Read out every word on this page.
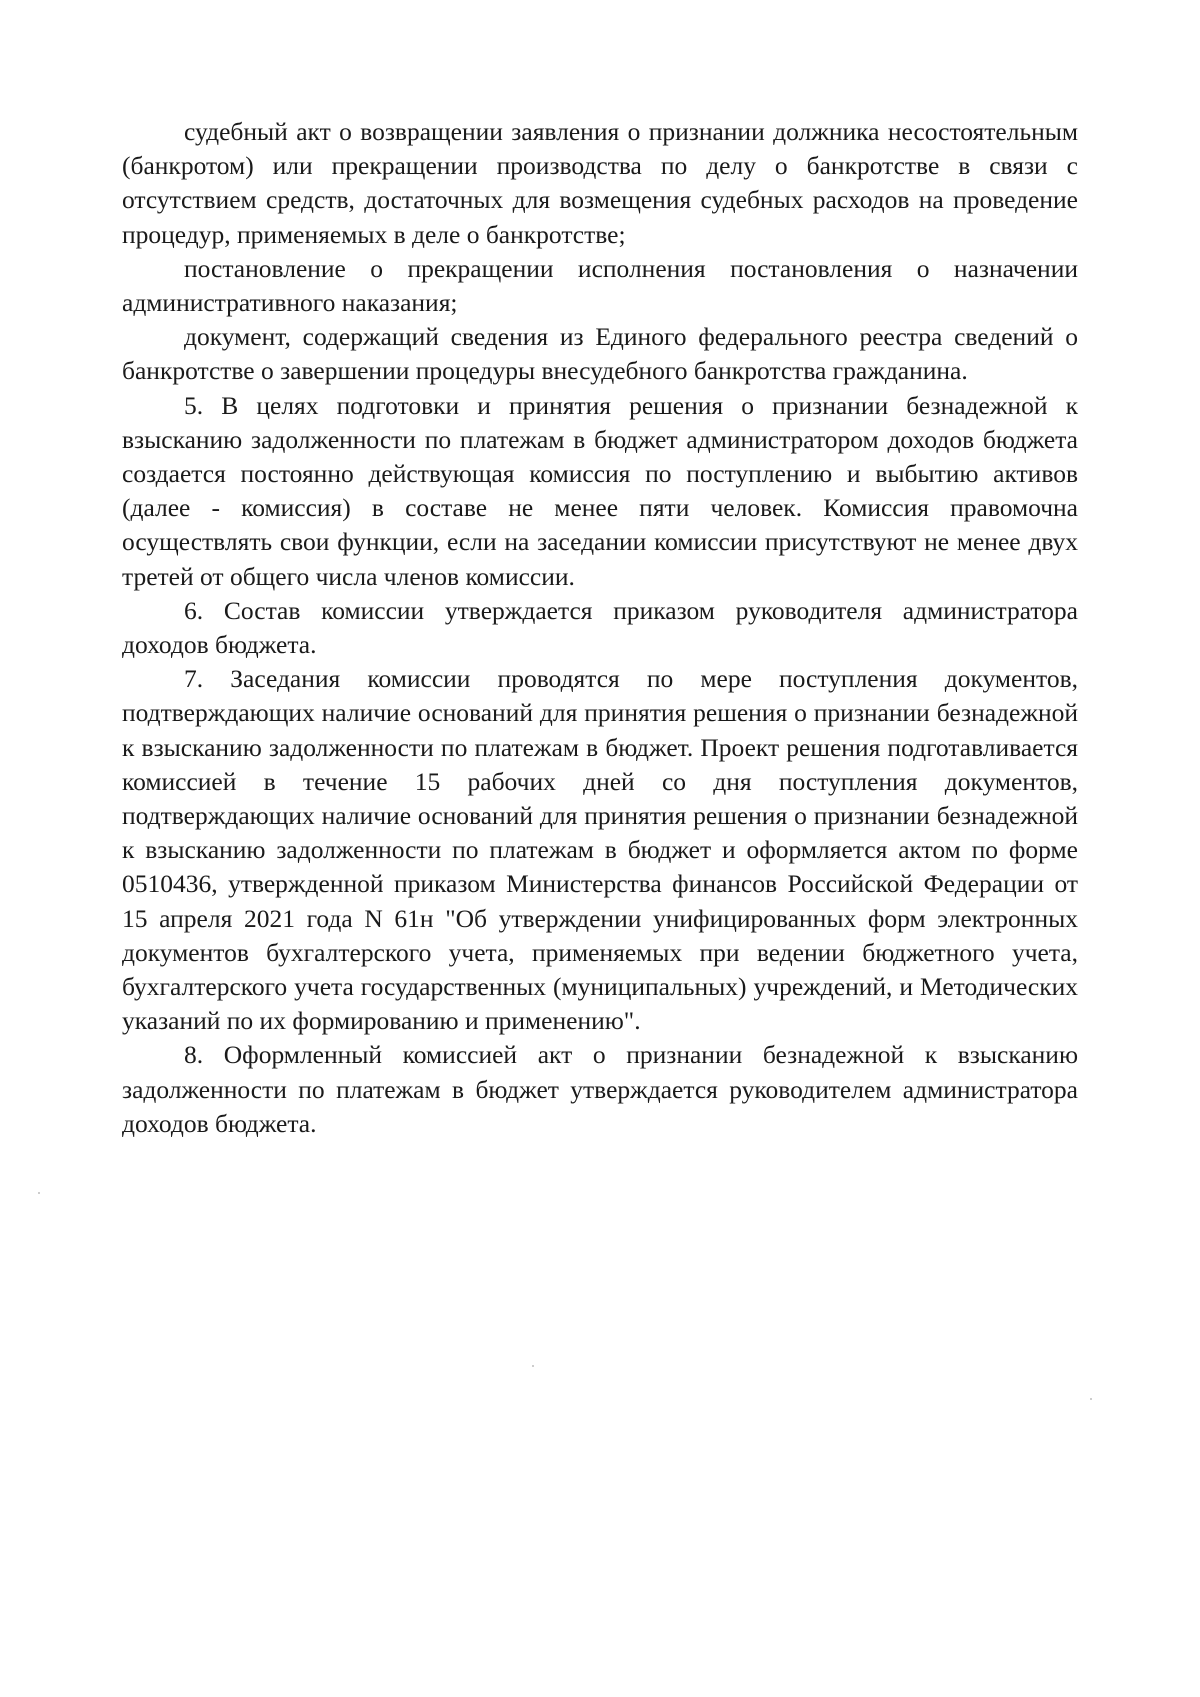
судебный акт о возвращении заявления о признании должника несостоятельным (банкротом) или прекращении производства по делу о банкротстве в связи с отсутствием средств, достаточных для возмещения судебных расходов на проведение процедур, применяемых в деле о банкротстве;

постановление о прекращении исполнения постановления о назначении административного наказания;

документ, содержащий сведения из Единого федерального реестра сведений о банкротстве о завершении процедуры внесудебного банкротства гражданина.

5. В целях подготовки и принятия решения о признании безнадежной к взысканию задолженности по платежам в бюджет администратором доходов бюджета создается постоянно действующая комиссия по поступлению и выбытию активов (далее - комиссия) в составе не менее пяти человек. Комиссия правомочна осуществлять свои функции, если на заседании комиссии присутствуют не менее двух третей от общего числа членов комиссии.

6. Состав комиссии утверждается приказом руководителя администратора доходов бюджета.

7. Заседания комиссии проводятся по мере поступления документов, подтверждающих наличие оснований для принятия решения о признании безнадежной к взысканию задолженности по платежам в бюджет. Проект решения подготавливается комиссией в течение 15 рабочих дней со дня поступления документов, подтверждающих наличие оснований для принятия решения о признании безнадежной к взысканию задолженности по платежам в бюджет и оформляется актом по форме 0510436, утвержденной приказом Министерства финансов Российской Федерации от 15 апреля 2021 года N 61н "Об утверждении унифицированных форм электронных документов бухгалтерского учета, применяемых при ведении бюджетного учета, бухгалтерского учета государственных (муниципальных) учреждений, и Методических указаний по их формированию и применению".

8. Оформленный комиссией акт о признании безнадежной к взысканию задолженности по платежам в бюджет утверждается руководителем администратора доходов бюджета.
